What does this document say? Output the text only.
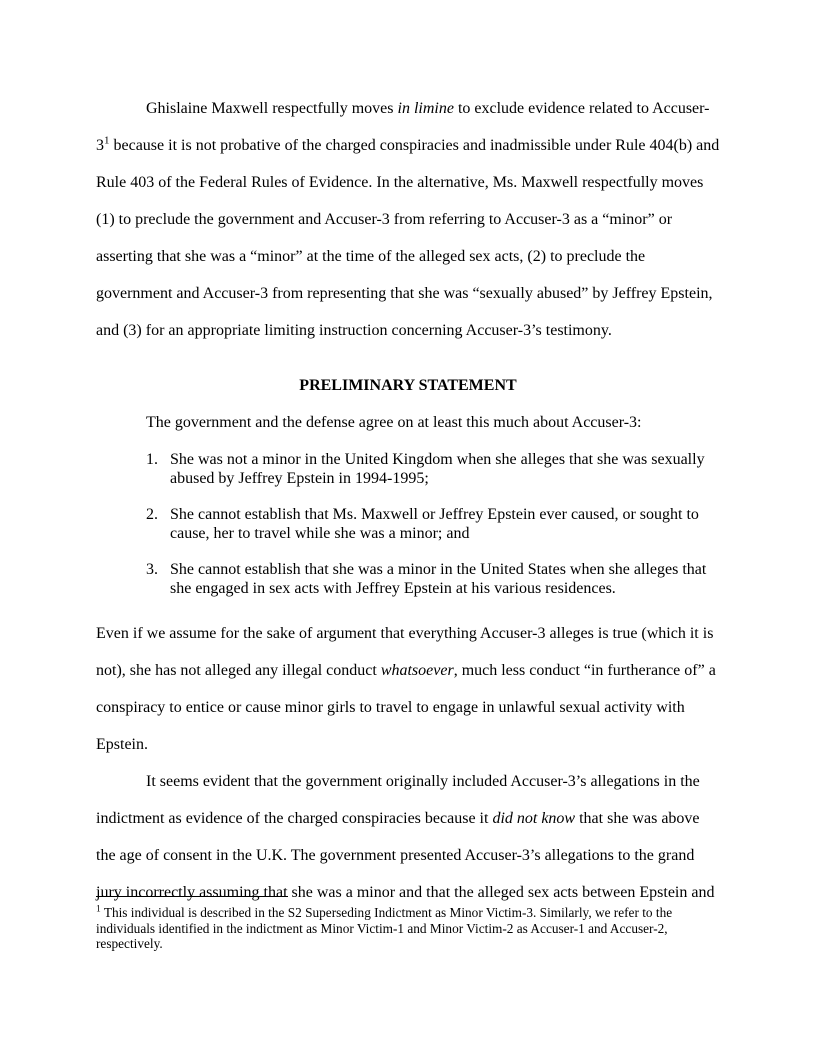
Ghislaine Maxwell respectfully moves in limine to exclude evidence related to Accuser-3$^1$ because it is not probative of the charged conspiracies and inadmissible under Rule 404(b) and Rule 403 of the Federal Rules of Evidence. In the alternative, Ms. Maxwell respectfully moves (1) to preclude the government and Accuser-3 from referring to Accuser-3 as a “minor” or asserting that she was a “minor” at the time of the alleged sex acts, (2) to preclude the government and Accuser-3 from representing that she was “sexually abused” by Jeffrey Epstein, and (3) for an appropriate limiting instruction concerning Accuser-3’s testimony.

PRELIMINARY STATEMENT

The government and the defense agree on at least this much about Accuser-3:

1. She was not a minor in the United Kingdom when she alleges that she was sexually abused by Jeffrey Epstein in 1994-1995;
2. She cannot establish that Ms. Maxwell or Jeffrey Epstein ever caused, or sought to cause, her to travel while she was a minor; and
3. She cannot establish that she was a minor in the United States when she alleges that she engaged in sex acts with Jeffrey Epstein at his various residences.

Even if we assume for the sake of argument that everything Accuser-3 alleges is true (which it is not), she has not alleged any illegal conduct whatsoever, much less conduct “in furtherance of” a conspiracy to entice or cause minor girls to travel to engage in unlawful sexual activity with Epstein.

It seems evident that the government originally included Accuser-3’s allegations in the indictment as evidence of the charged conspiracies because it did not know that she was above the age of consent in the U.K. The government presented Accuser-3’s allegations to the grand jury incorrectly assuming that she was a minor and that the alleged sex acts between Epstein and

$^1$ This individual is described in the S2 Superseding Indictment as Minor Victim-3. Similarly, we refer to the individuals identified in the indictment as Minor Victim-1 and Minor Victim-2 as Accuser-1 and Accuser-2, respectively.
